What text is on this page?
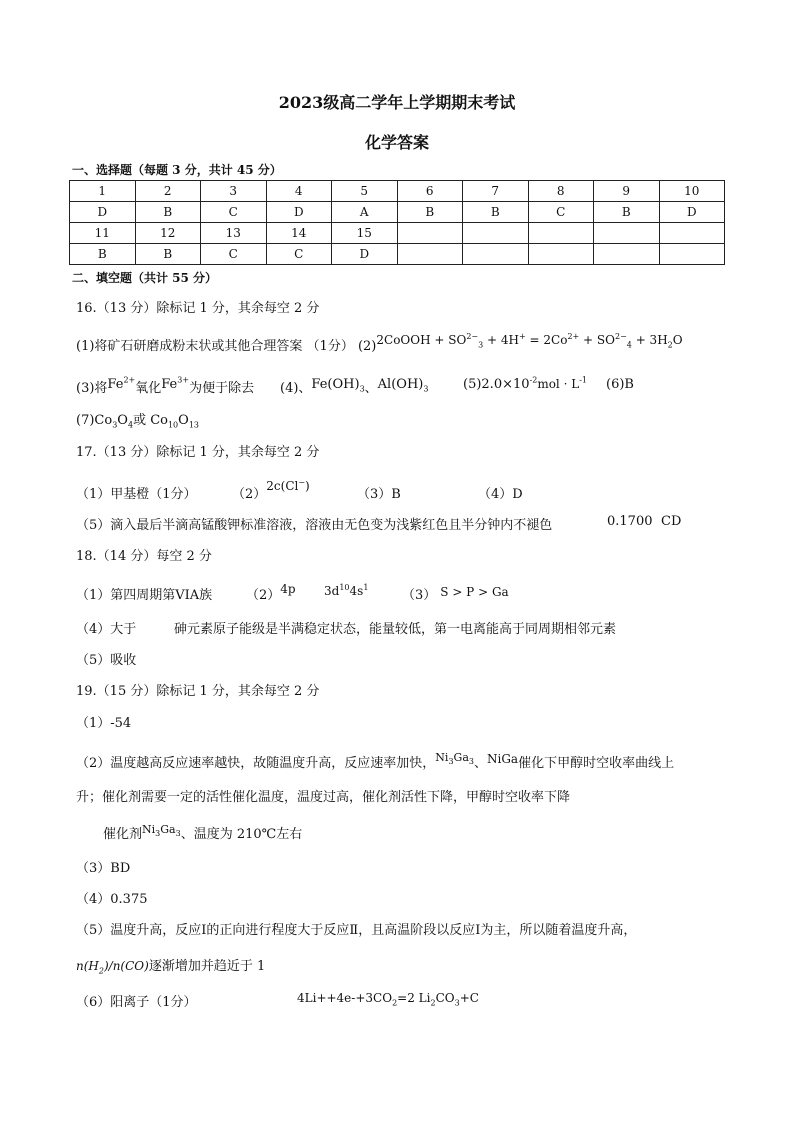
2023级高二学年上学期期末考试
化学答案
一、选择题（每题 3 分，共计 45 分）
1	2	3	4	5	6	7	8	9	10
D	B	C	D	A	B	B	C	B	D
11	12	13	14	15					
B	B	C	C	D					
二、填空题（共计 55 分）
16.（13 分）除标记 1 分，其余每空 2 分
(1)将矿石研磨成粉末状或其他合理答案 （1分） (2)2CoOOH + $SO^{2-}_3 + 4H^+ = 2Co^{2+} + SO^{2-}_4 + 3H_2O$
(3)将$Fe^{2+}$氧化$Fe^{3+}$为便于除去 (4)、$Fe(OH)_3$、$Al(OH)_3$	$(5)2.0\times 10^{-2}mol \cdot L^{-1}$ (6)B
$(7)Co_3O_4$或 $Co_{10}O_{13}$
17.（13 分）除标记 1 分，其余每空 2 分
（1）甲基橙（1分）	（2）2c(Cl−)
（3）B	（4）D
（5）滴入最后半滴高锰酸钾标准溶液，溶液由无色变为浅紫红色且半分钟内不褪色	0.1700 CD
18.（14 分）每空 2 分
（1）第四周期第VIA族	（2）4p $3d^{10}4s^1$
（3） S > P > Ga
（4）大于	砷元素原子能级是半满稳定状态，能量较低，第一电离能高于同周期相邻元素
（5）吸收
19.（15 分）除标记 1 分，其余每空 2 分
（1）-54
（2）温度越高反应速率越快，故随温度升高，反应速率加快，$^{Ni_3Ga_3}$、NiGa催化下甲醇时空收率曲线上
升；催化剂需要一定的活性催化温度，温度过高，催化剂活性下降，甲醇时空收率下降
催化剂$^{Ni_3Ga_3}$、温度为 210℃左右
（3）BD
（4）0.375
（5）温度升高，反应Ⅰ的正向进行程度大于反应Ⅱ，且高温阶段以反应Ⅰ为主，所以随着温度升高，
$n(H_2)/n(CO)$逐渐增加并趋近于 1
（6）阳离子（1分）	$4Li++4e-+3CO_2=2$ $Li_2CO_3+C$
